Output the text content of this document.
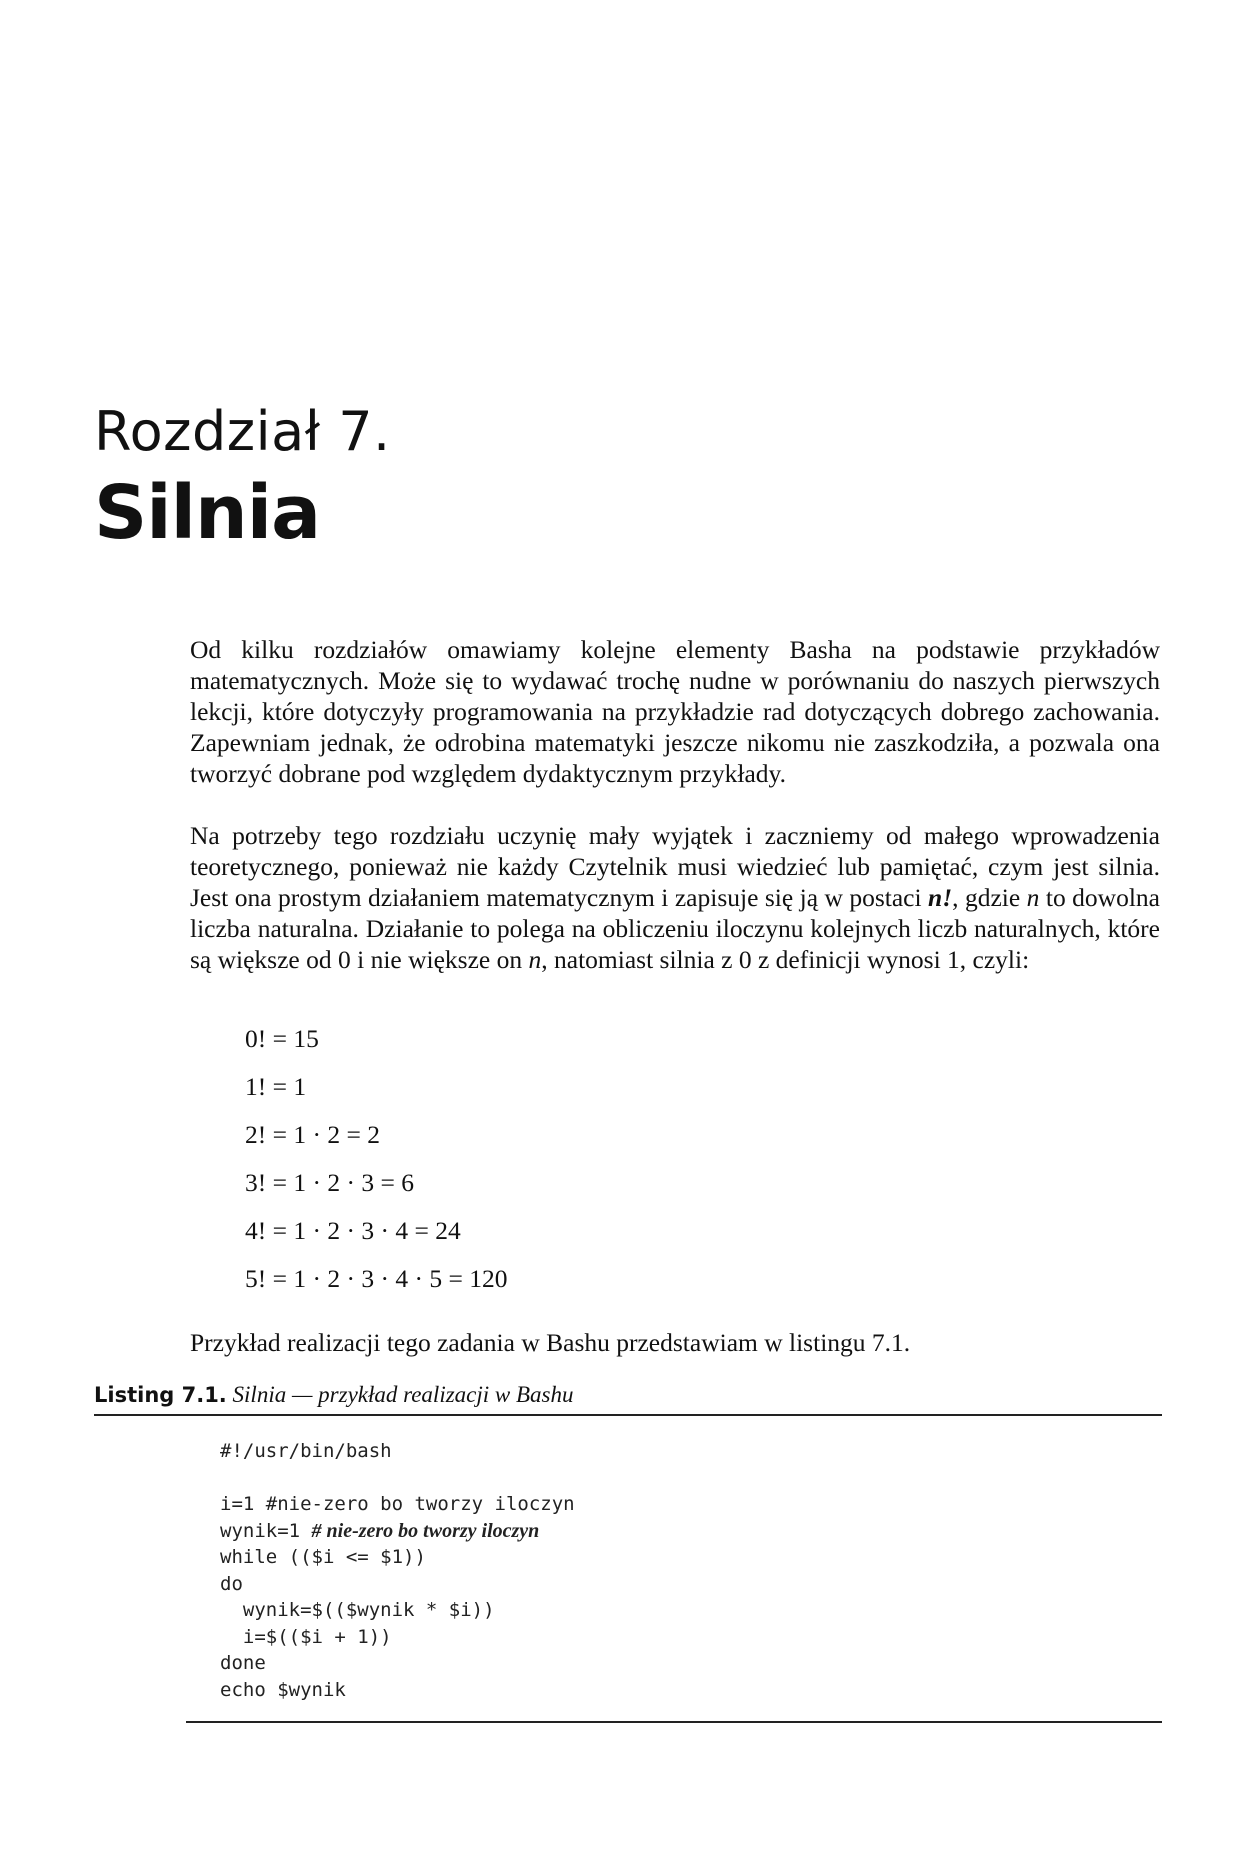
Rozdział 7.
Silnia

Od kilku rozdziałów omawiamy kolejne elementy Basha na podstawie przykładów matematycznych. Może się to wydawać trochę nudne w porównaniu do naszych pierwszych lekcji, które dotyczyły programowania na przykładzie rad dotyczących dobrego zachowania. Zapewniam jednak, że odrobina matematyki jeszcze nikomu nie zaszkodziła, a pozwala ona tworzyć dobrane pod względem dydaktycznym przykłady.

Na potrzeby tego rozdziału uczynię mały wyjątek i zaczniemy od małego wprowadzenia teoretycznego, ponieważ nie każdy Czytelnik musi wiedzieć lub pamiętać, czym jest silnia. Jest ona prostym działaniem matematycznym i zapisuje się ją w postaci n!, gdzie n to dowolna liczba naturalna. Działanie to polega na obliczeniu iloczynu kolejnych liczb naturalnych, które są większe od 0 i nie większe on n, natomiast silnia z 0 z definicji wynosi 1, czyli:

0! = 15
1! = 1
2! = 1 · 2 = 2
3! = 1 · 2 · 3 = 6
4! = 1 · 2 · 3 · 4 = 24
5! = 1 · 2 · 3 · 4 · 5 = 120

Przykład realizacji tego zadania w Bashu przedstawiam w listingu 7.1.

Listing 7.1. Silnia — przykład realizacji w Bashu
#!/usr/bin/bash
i=1 #nie-zero bo tworzy iloczyn
wynik=1 # nie-zero bo tworzy iloczyn
while (($i <= $1))
do
wynik=$(($wynik * $i))
i=$(($i + 1))
done
echo $wynik
